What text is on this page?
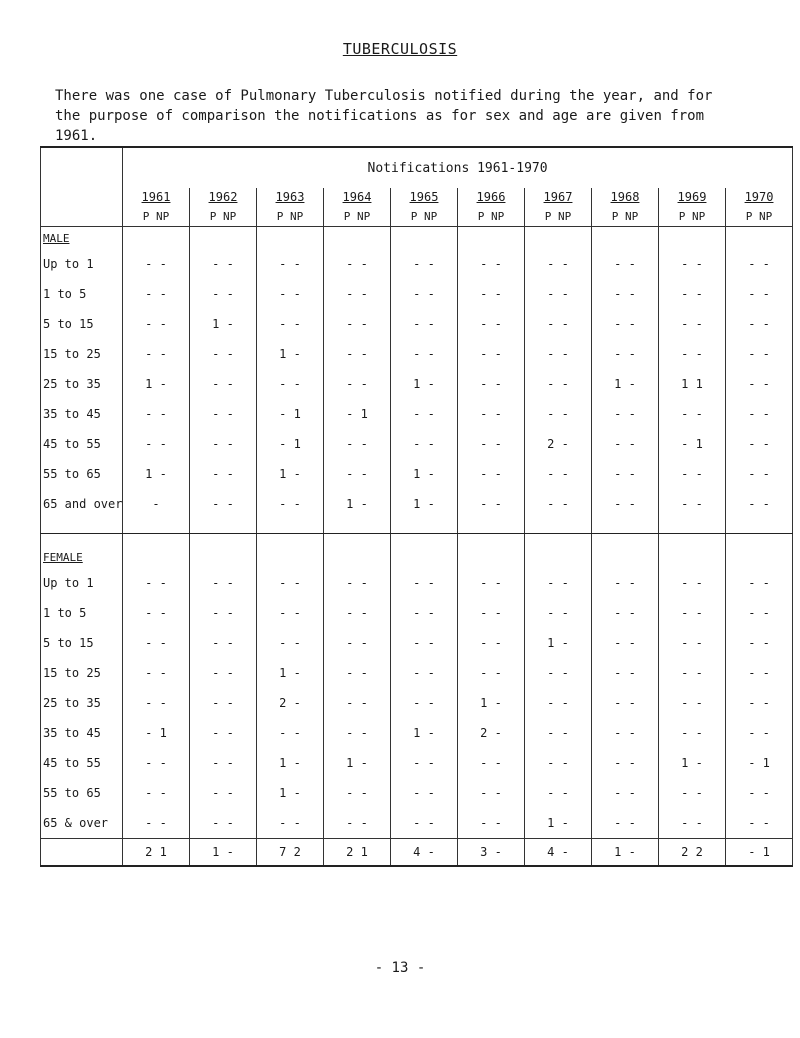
TUBERCULOSIS
There was one case of Pulmonary Tuberculosis notified during the year, and for the purpose of comparison the notifications as for sex and age are given from 1961.
	Notifications 1961-1970									
	1961	1962	1963	1964	1965	1966	1967	1968	1969	1970
	P NP	P NP	P NP	P NP	P NP	P NP	P NP	P NP	P NP	P NP
MALE										
Up to 1	- -	- -	- -	- -	- -	- -	- -	- -	- -	- -
1 to 5	- -	- -	- -	- -	- -	- -	- -	- -	- -	- -
5 to 15	- -	1 -	- -	- -	- -	- -	- -	- -	- -	- -
15 to 25	- -	- -	1 -	- -	- -	- -	- -	- -	- -	- -
25 to 35	1 -	- -	- -	- -	1 -	- -	- -	1 -	1 1	- -
35 to 45	- -	- -	- 1	- 1	- -	- -	- -	- -	- -	- -
45 to 55	- -	- -	- 1	- -	- -	- -	2 -	- -	- 1	- -
55 to 65	1 -	- -	1 -	- -	1 -	- -	- -	- -	- -	- -
65 and over	-	- -	- -	1 -	1 -	- -	- -	- -	- -	- -

FEMALE										
Up to 1	- -	- -	- -	- -	- -	- -	- -	- -	- -	- -
1 to 5	- -	- -	- -	- -	- -	- -	- -	- -	- -	- -
5 to 15	- -	- -	- -	- -	- -	- -	1 -	- -	- -	- -
15 to 25	- -	- -	1 -	- -	- -	- -	- -	- -	- -	- -
25 to 35	- -	- -	2 -	- -	- -	1 -	- -	- -	- -	- -
35 to 45	- 1	- -	- -	- -	1 -	2 -	- -	- -	- -	- -
45 to 55	- -	- -	1 -	1 -	- -	- -	- -	- -	1 -	- 1
55 to 65	- -	- -	1 -	- -	- -	- -	- -	- -	- -	- -
65 & over	- -	- -	- -	- -	- -	- -	1 -	- -	- -	- -
	2 1	1 -	7 2	2 1	4 -	3 -	4 -	1 -	2 2	- 1
- 13 -
